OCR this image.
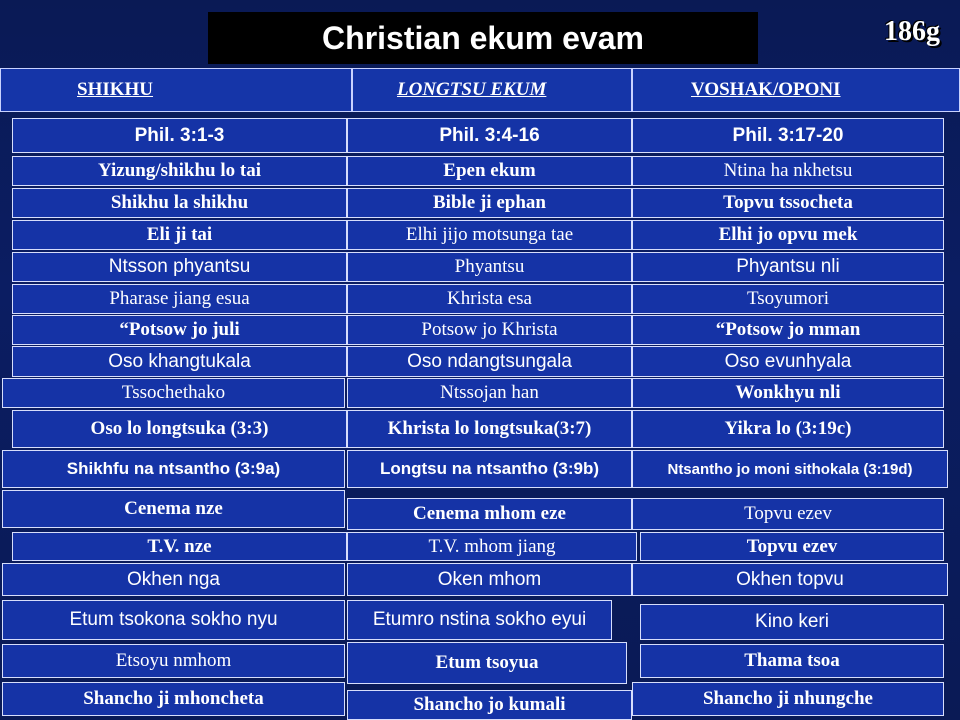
Christian ekum evam	186g
SHIKHU	LONGTSU EKUM	VOSHAK/OPONI
Phil. 3:1-3	Phil. 3:4-16	Phil. 3:17-20
Yizung/shikhu lo tai	Epen ekum	Ntina ha nkhetsu
Shikhu la shikhu	Bible ji ephan	Topvu tssocheta
Eli ji tai	Elhi jijo motsunga tae	Elhi jo opvu mek
Ntsson phyantsu	Phyantsu	Phyantsu nli
Pharase jiang esua	Khrista esa	Tsoyumori
“Potsow jo juli	Potsow jo Khrista	“Potsow jo mman
Oso khangtukala	Oso ndangtsungala	Oso evunhyala
Tssochethako	Ntssojan han	Wonkhyu nli
Oso lo longtsuka (3:3)	Khrista lo longtsuka(3:7)	Yikra lo (3:19c)
Shikhfu na ntsantho (3:9a)	Longtsu na ntsantho (3:9b)	Ntsantho jo moni sithokala (3:19d)
Cenema nze	Cenema mhom eze	Topvu ezev
T.V. nze	T.V. mhom jiang	Topvu ezev
Okhen nga	Oken mhom	Okhen topvu
Etum tsokona sokho nyu	Etumro nstina sokho eyui	Kino keri
Etsoyu nmhom	Etum tsoyua	Thama tsoa
Shancho ji mhoncheta	Shancho jo kumali	Shancho ji nhungche
